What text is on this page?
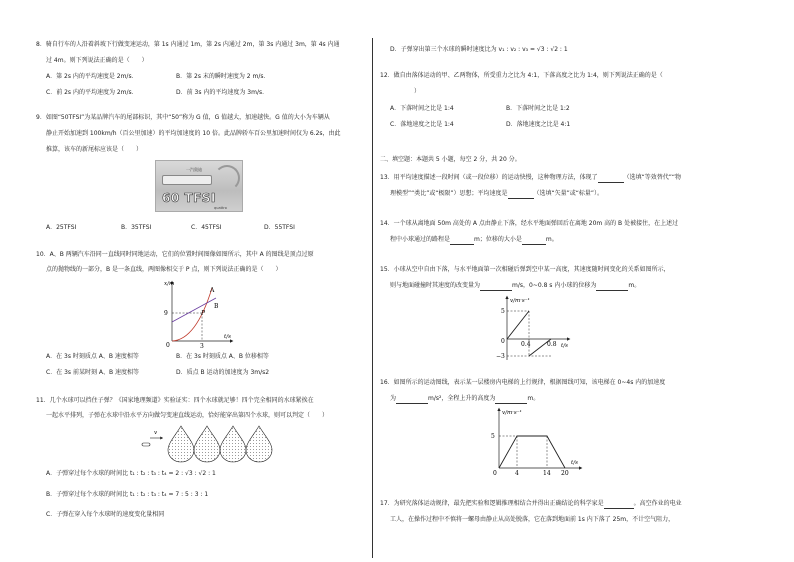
8．骑自行车的人沿着斜坡下行做变速运动，第 1s 内通过 1m，第 2s 内通过 2m，第 3s 内通过 3m，第 4s 内通
过 4m。则下列说法正确的是（　　）
A．第 2s 内的平均速度是 2m/s．	B．第 2s 末的瞬时速度为 2 m/s．
C．前 2s 内的平均速度为 2m/s．	D．前 3s 内的平均速度为 3m/s．
9．如图“50TFSI”为某品牌汽车的尾部标识，其中“50”称为 G 值，G 值越大，加速越快。G 值的大小为车辆从
静止开始加速到 100km/h（百公里加速）的平均加速度的 10 倍。此品牌轿车百公里加速时间仅为 6.2s，由此
推算，该车的新尾标应该是（　　）
一汽奥迪
60 TFSI
quattro
A．25TFSI	B．35TFSI	C．45TFSI	D．55TFSI
10．A、B 两辆汽车沿同一直线同时同地运动，它们的位置时间图像如图所示，其中 A 的图线是顶点过原
点的抛物线的一部分，B 是一条直线，两图像相交于 P 点，则下列说法正确的是（　　）
x/m
t/s
9
3
0
A
B
P
A．在 3s 时刻质点 A、B 速度相等	B．在 3s 时刻质点 A、B 位移相等
C．在 3s 前某时刻 A、B 速度相等	D．质点 B 运动的加速度为 3m/s2
11．几个水球可以挡住子弹？《国家地理频道》实验证实：四个水球就足够！四个完全相同的水球紧挨在
一起水平排列，子弹在水球中沿水平方向做匀变速直线运动，恰好能穿出第四个水球，则可以判定（　　）
v
A．子弹穿过每个水球的时间比 t₁ : t₂ : t₃ : t₄ = 2 : √3 : √2 : 1
B．子弹穿过每个水球的时间比 t₁ : t₂ : t₃ : t₄ = 7 : 5 : 3 : 1
C．子弹在穿入每个水球时的速度变化量相同
D．子弹穿出第三个水球的瞬时速度比为 v₁ : v₂ : v₃ = √3 : √2 : 1
12．做自由落体运动的甲、乙两物体，所受重力之比为 4:1，下落高度之比为 1:4，则下列说法正确的是（
）
A．下落时间之比是 1:4	B．下落时间之比是 1:2
C．落地速度之比是 1:4	D．落地速度之比是 4:1
二、填空题：本题共 5 小题，每空 2 分，共 20 分。
13．用平均速度描述一段时间（或一段位移）的运动快慢，这种物理方法，体现了	（选填“等效替代”“物
理模型”“类比”或“极限”）思想；平均速度是	（选填“矢量”或“标量”）。
14．一个球从离地面 50m 高处的 A 点由静止下落，经水平地面弹回后在离地 20m 高的 B 处被接住，在上述过
程中小球通过的路程是	m；位移的大小是	m。
15．小球从空中自由下落，与水平地面第一次相碰后弹到空中某一高度，其速度随时间变化的关系如图所示，
则与地面碰撞时其速度的改变量为	m/s，0~0.8 s 内小球的位移为	m。
v/m·s⁻¹
t/s
5
−3
0	0.4	0.8
16．如图所示的运动图线，表示某一层楼房内电梯的上行规律，根据图线可知，该电梯在 0~4s 内的加速度
为	m/s²，全程上升的高度为	m。
v/m·s⁻¹
t/s
5
0	4	14 20
17．为研究落体运动规律，最先把实验和逻辑推理相结合并得出正确结论的科学家是	。高空作业的电业
工人，在操作过程中不慎将一螺母由静止从高处脱落，它在落到地面前 1s 内下落了 25m，不计空气阻力，
